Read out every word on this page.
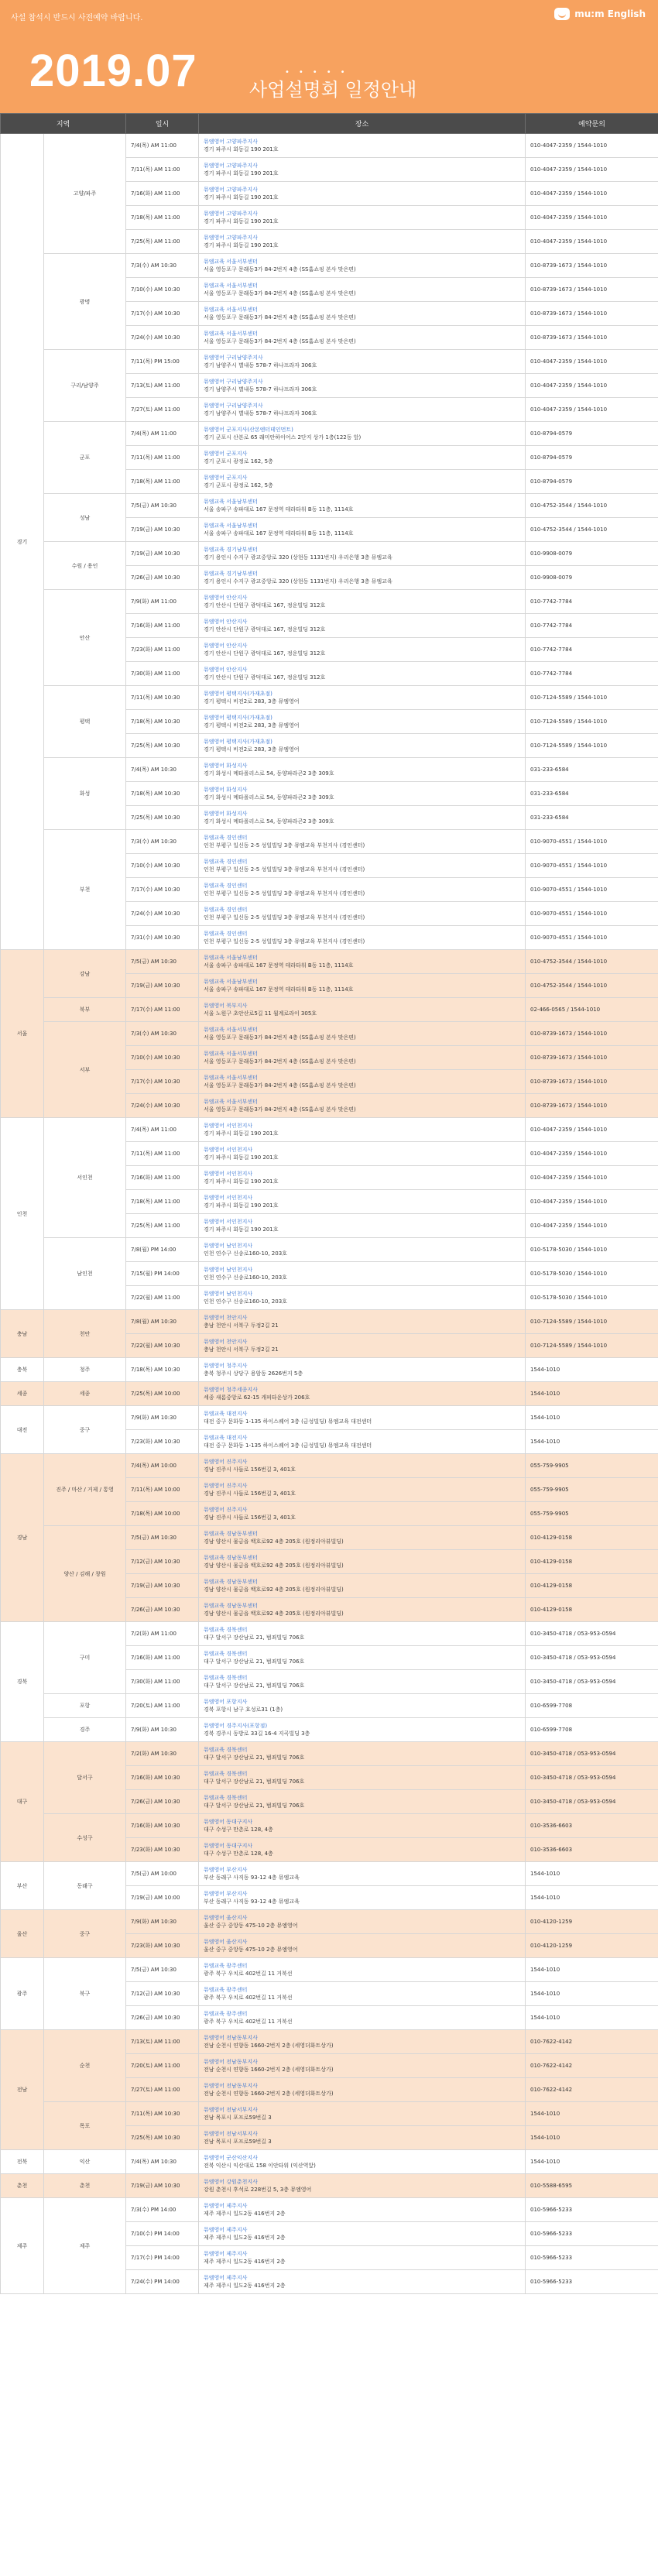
사설 참석시 반드시 사전예약 바랍니다.
2019.07	•••••
사업설명회 일정안내
mu:m English
지역		일시	장소	예약문의
경기	고양/파주	7/4(목) AM 11:00	뮤엠영어 고양파주지사
경기 파주시 회동길 190 201호	010-4047-2359 / 1544-1010
		7/11(목) AM 11:00	뮤엠영어 고양파주지사
경기 파주시 회동길 190 201호	010-4047-2359 / 1544-1010
		7/16(화) AM 11:00	뮤엠영어 고양파주지사
경기 파주시 회동길 190 201호	010-4047-2359 / 1544-1010
		7/18(목) AM 11:00	뮤엠영어 고양파주지사
경기 파주시 회동길 190 201호	010-4047-2359 / 1544-1010
		7/25(목) AM 11:00	뮤엠영어 고양파주지사
경기 파주시 회동길 190 201호	010-4047-2359 / 1544-1010
	광명	7/3(수) AM 10:30	뮤엠교육 서울서부센터
서울 영등포구 문래동3가 84-2번지 4층 (SS홈쇼핑 본사 맞은편)	010-8739-1673 / 1544-1010
		7/10(수) AM 10:30	뮤엠교육 서울서부센터
서울 영등포구 문래동3가 84-2번지 4층 (SS홈쇼핑 본사 맞은편)	010-8739-1673 / 1544-1010
		7/17(수) AM 10:30	뮤엠교육 서울서부센터
서울 영등포구 문래동3가 84-2번지 4층 (SS홈쇼핑 본사 맞은편)	010-8739-1673 / 1544-1010
		7/24(수) AM 10:30	뮤엠교육 서울서부센터
서울 영등포구 문래동3가 84-2번지 4층 (SS홈쇼핑 본사 맞은편)	010-8739-1673 / 1544-1010
	구리/남양주	7/11(목) PM 15:00	뮤엠영어 구리남양주지사
경기 남양주시 별내동 578-7 하나프라자 306호	010-4047-2359 / 1544-1010
		7/13(토) AM 11:00	뮤엠영어 구리남양주지사
경기 남양주시 별내동 578-7 하나프라자 306호	010-4047-2359 / 1544-1010
		7/27(토) AM 11:00	뮤엠영어 구리남양주지사
경기 남양주시 별내동 578-7 하나프라자 306호	010-4047-2359 / 1544-1010
	군포	7/4(목) AM 11:00	뮤엠영어 군포지사(산본엔터테인먼트)
경기 군포시 산본로 65 래미안하이어스 2단지 상가 1층(122동 앞)	010-8794-0579
		7/11(목) AM 11:00	뮤엠영어 군포지사
경기 군포시 광정로 162, 5층	010-8794-0579
		7/18(목) AM 11:00	뮤엠영어 군포지사
경기 군포시 광정로 162, 5층	010-8794-0579
	성남	7/5(금) AM 10:30	뮤엠교육 서울남부센터
서울 송파구 송파대로 167 문정역 테라타워 B동 11층, 1114호	010-4752-3544 / 1544-1010
		7/19(금) AM 10:30	뮤엠교육 서울남부센터
서울 송파구 송파대로 167 문정역 테라타워 B동 11층, 1114호	010-4752-3544 / 1544-1010
	수원 / 용인	7/19(금) AM 10:30	뮤엠교육 경기남부센터
경기 용인시 수지구 광교중앙로 320 (상현동 1131번지) 우리은행 3층 뮤엠교육	010-9908-0079
		7/26(금) AM 10:30	뮤엠교육 경기남부센터
경기 용인시 수지구 광교중앙로 320 (상현동 1131번지) 우리은행 3층 뮤엠교육	010-9908-0079
	안산	7/9(화) AM 11:00	뮤엠영어 안산지사
경기 안산시 단원구 광덕대로 167, 정운빌딩 312호	010-7742-7784
		7/16(화) AM 11:00	뮤엠영어 안산지사
경기 안산시 단원구 광덕대로 167, 정운빌딩 312호	010-7742-7784
		7/23(화) AM 11:00	뮤엠영어 안산지사
경기 안산시 단원구 광덕대로 167, 정운빌딩 312호	010-7742-7784
		7/30(화) AM 11:00	뮤엠영어 안산지사
경기 안산시 단원구 광덕대로 167, 정운빌딩 312호	010-7742-7784
	평택	7/11(목) AM 10:30	뮤엠영어 평택지사(가재초점)
경기 평택시 비전2로 283, 3층 뮤엠영어	010-7124-5589 / 1544-1010
		7/18(목) AM 10:30	뮤엠영어 평택지사(가재초점)
경기 평택시 비전2로 283, 3층 뮤엠영어	010-7124-5589 / 1544-1010
		7/25(목) AM 10:30	뮤엠영어 평택지사(가재초점)
경기 평택시 비전2로 283, 3층 뮤엠영어	010-7124-5589 / 1544-1010
	화성	7/4(목) AM 10:30	뮤엠영어 화성지사
경기 화성시 메타폴리스로 54, 동양파라곤2 3층 309호	031-233-6584
		7/18(목) AM 10:30	뮤엠영어 화성지사
경기 화성시 메타폴리스로 54, 동양파라곤2 3층 309호	031-233-6584
		7/25(목) AM 10:30	뮤엠영어 화성지사
경기 화성시 메타폴리스로 54, 동양파라곤2 3층 309호	031-233-6584
	부천	7/3(수) AM 10:30	뮤엠교육 경인센터
인천 부평구 일신동 2-5 성일빌딩 3층 뮤엠교육 부천지사 (경인센터)	010-9070-4551 / 1544-1010
		7/10(수) AM 10:30	뮤엠교육 경인센터
인천 부평구 일신동 2-5 성일빌딩 3층 뮤엠교육 부천지사 (경인센터)	010-9070-4551 / 1544-1010
		7/17(수) AM 10:30	뮤엠교육 경인센터
인천 부평구 일신동 2-5 성일빌딩 3층 뮤엠교육 부천지사 (경인센터)	010-9070-4551 / 1544-1010
		7/24(수) AM 10:30	뮤엠교육 경인센터
인천 부평구 일신동 2-5 성일빌딩 3층 뮤엠교육 부천지사 (경인센터)	010-9070-4551 / 1544-1010
		7/31(수) AM 10:30	뮤엠교육 경인센터
인천 부평구 일신동 2-5 성일빌딩 3층 뮤엠교육 부천지사 (경인센터)	010-9070-4551 / 1544-1010
서울	강남	7/5(금) AM 10:30	뮤엠교육 서울남부센터
서울 송파구 송파대로 167 문정역 테라타워 B동 11층, 1114호	010-4752-3544 / 1544-1010
		7/19(금) AM 10:30	뮤엠교육 서울남부센터
서울 송파구 송파대로 167 문정역 테라타워 B동 11층, 1114호	010-4752-3544 / 1544-1010
	북부	7/17(수) AM 11:00	뮤엠영어 북부지사
서울 노원구 초안산로5길 11 월계로라이 305호	02-466-0565 / 1544-1010
	서부	7/3(수) AM 10:30	뮤엠교육 서울서부센터
서울 영등포구 문래동3가 84-2번지 4층 (SS홈쇼핑 본사 맞은편)	010-8739-1673 / 1544-1010
		7/10(수) AM 10:30	뮤엠교육 서울서부센터
서울 영등포구 문래동3가 84-2번지 4층 (SS홈쇼핑 본사 맞은편)	010-8739-1673 / 1544-1010
		7/17(수) AM 10:30	뮤엠교육 서울서부센터
서울 영등포구 문래동3가 84-2번지 4층 (SS홈쇼핑 본사 맞은편)	010-8739-1673 / 1544-1010
		7/24(수) AM 10:30	뮤엠교육 서울서부센터
서울 영등포구 문래동3가 84-2번지 4층 (SS홈쇼핑 본사 맞은편)	010-8739-1673 / 1544-1010
인천	서인천	7/4(목) AM 11:00	뮤엠영어 서인천지사
경기 파주시 회동길 190 201호	010-4047-2359 / 1544-1010
		7/11(목) AM 11:00	뮤엠영어 서인천지사
경기 파주시 회동길 190 201호	010-4047-2359 / 1544-1010
		7/16(화) AM 11:00	뮤엠영어 서인천지사
경기 파주시 회동길 190 201호	010-4047-2359 / 1544-1010
		7/18(목) AM 11:00	뮤엠영어 서인천지사
경기 파주시 회동길 190 201호	010-4047-2359 / 1544-1010
		7/25(목) AM 11:00	뮤엠영어 서인천지사
경기 파주시 회동길 190 201호	010-4047-2359 / 1544-1010
	남인천	7/8(월) PM 14:00	뮤엠영어 남인천지사
인천 연수구 신송로160-10, 203호	010-5178-5030 / 1544-1010
		7/15(월) PM 14:00	뮤엠영어 남인천지사
인천 연수구 신송로160-10, 203호	010-5178-5030 / 1544-1010
		7/22(월) AM 11:00	뮤엠영어 남인천지사
인천 연수구 신송로160-10, 203호	010-5178-5030 / 1544-1010
충남	천안	7/8(월) AM 10:30	뮤엠영어 천안지사
충남 천안시 서북구 두정2길 21	010-7124-5589 / 1544-1010
		7/22(월) AM 10:30	뮤엠영어 천안지사
충남 천안시 서북구 두정2길 21	010-7124-5589 / 1544-1010
충북	청주	7/18(목) AM 10:30	뮤엠영어 청주지사
충북 청주시 상당구 용암동 2626번지 5층	1544-1010
세종	세종	7/25(목) AM 10:00	뮤엠영어 청주세종지사
세종 새롬중앙로 62-15 캐피타운상가 206호	1544-1010
대전	중구	7/9(화) AM 10:30	뮤엠교육 대전지사
대전 중구 문화동 1-135 하이스퀘어 3층 (금성빌딩) 뮤엠교육 대전센터	1544-1010
		7/23(화) AM 10:30	뮤엠교육 대전지사
대전 중구 문화동 1-135 하이스퀘어 3층 (금성빌딩) 뮤엠교육 대전센터	1544-1010
경남	진주 / 마산 / 거제 / 통영	7/4(목) AM 10:00	뮤엠영어 진주지사
경남 진주시 사들로 156번길 3, 401호	055-759-9905
		7/11(목) AM 10:00	뮤엠영어 진주지사
경남 진주시 사들로 156번길 3, 401호	055-759-9905
		7/18(목) AM 10:00	뮤엠영어 진주지사
경남 진주시 사들로 156번길 3, 401호	055-759-9905
	양산 / 김해 / 창원	7/5(금) AM 10:30	뮤엠교육 경남동부센터
경남 양산시 물금읍 백호로92 4층 205호 (원정리아뷰빌딩)	010-4129-0158
		7/12(금) AM 10:30	뮤엠교육 경남동부센터
경남 양산시 물금읍 백호로92 4층 205호 (원정리아뷰빌딩)	010-4129-0158
		7/19(금) AM 10:30	뮤엠교육 경남동부센터
경남 양산시 물금읍 백호로92 4층 205호 (원정리아뷰빌딩)	010-4129-0158
		7/26(금) AM 10:30	뮤엠교육 경남동부센터
경남 양산시 물금읍 백호로92 4층 205호 (원정리아뷰빌딩)	010-4129-0158
경북	구미	7/2(화) AM 11:00	뮤엠교육 경북센터
대구 달서구 장산남로 21, 범죄빌딩 706호	010-3450-4718 / 053-953-0594
		7/16(화) AM 11:00	뮤엠교육 경북센터
대구 달서구 장산남로 21, 범죄빌딩 706호	010-3450-4718 / 053-953-0594
		7/30(화) AM 11:00	뮤엠교육 경북센터
대구 달서구 장산남로 21, 범죄빌딩 706호	010-3450-4718 / 053-953-0594
	포항	7/20(토) AM 11:00	뮤엠영어 포항지사
경북 포항시 남구 효성로31 (1층)	010-6599-7708
	경주	7/9(화) AM 10:30	뮤엠영어 경주지사(포항점)
경북 경주시 동방로 33길 16-4 지곡빌딩 3층	010-6599-7708
대구	달서구	7/2(화) AM 10:30	뮤엠교육 경북센터
대구 달서구 장산남로 21, 범죄빌딩 706호	010-3450-4718 / 053-953-0594
		7/16(화) AM 10:30	뮤엠교육 경북센터
대구 달서구 장산남로 21, 범죄빌딩 706호	010-3450-4718 / 053-953-0594
		7/26(금) AM 10:30	뮤엠교육 경북센터
대구 달서구 장산남로 21, 범죄빌딩 706호	010-3450-4718 / 053-953-0594
	수성구	7/16(화) AM 10:30	뮤엠영어 동대구지사
대구 수성구 만촌로 128, 4층	010-3536-6603
		7/23(화) AM 10:30	뮤엠영어 동대구지사
대구 수성구 만촌로 128, 4층	010-3536-6603
부산	동래구	7/5(금) AM 10:00	뮤엠영어 부산지사
부산 동래구 사직동 93-12 4층 뮤엠교육	1544-1010
		7/19(금) AM 10:00	뮤엠영어 부산지사
부산 동래구 사직동 93-12 4층 뮤엠교육	1544-1010
울산	중구	7/9(화) AM 10:30	뮤엠영어 울산지사
울산 중구 중앙동 475-10 2층 뮤엠영어	010-4120-1259
		7/23(화) AM 10:30	뮤엠영어 울산지사
울산 중구 중앙동 475-10 2층 뮤엠영어	010-4120-1259
광주	북구	7/5(금) AM 10:30	뮤엠교육 광주센터
광주 북구 우치로 402번길 11 거북선	1544-1010
		7/12(금) AM 10:30	뮤엠교육 광주센터
광주 북구 우치로 402번길 11 거북선	1544-1010
		7/26(금) AM 10:30	뮤엠교육 광주센터
광주 북구 우치로 402번길 11 거북선	1544-1010
전남	순천	7/13(토) AM 11:00	뮤엠영어 전남동부지사
전남 순천시 연향동 1660-2번지 2층 (세영더화트상가)	010-7622-4142
		7/20(토) AM 11:00	뮤엠영어 전남동부지사
전남 순천시 연향동 1660-2번지 2층 (세영더화트상가)	010-7622-4142
		7/27(토) AM 11:00	뮤엠영어 전남동부지사
전남 순천시 연향동 1660-2번지 2층 (세영더화트상가)	010-7622-4142
	목포	7/11(목) AM 10:30	뮤엠영어 전남서부지사
전남 목포시 포프로59번길 3	1544-1010
		7/25(목) AM 10:30	뮤엠영어 전남서부지사
전남 목포시 포프로59번길 3	1544-1010
전북	익산	7/4(목) AM 10:30	뮤엠영어 군산익산지사
전북 익산시 익산대로 158 이안타워 (익산역앞)	1544-1010
춘천	춘천	7/19(금) AM 10:30	뮤엠영어 강원춘천지사
강원 춘천시 후석로 228번길 5, 3층 뮤엠영어	010-5588-6595
제주	제주	7/3(수) PM 14:00	뮤엠영어 제주지사
제주 제주시 일도2동 416번지 2층	010-5966-5233
		7/10(수) PM 14:00	뮤엠영어 제주지사
제주 제주시 일도2동 416번지 2층	010-5966-5233
		7/17(수) PM 14:00	뮤엠영어 제주지사
제주 제주시 일도2동 416번지 2층	010-5966-5233
		7/24(수) PM 14:00	뮤엠영어 제주지사
제주 제주시 일도2동 416번지 2층	010-5966-5233
